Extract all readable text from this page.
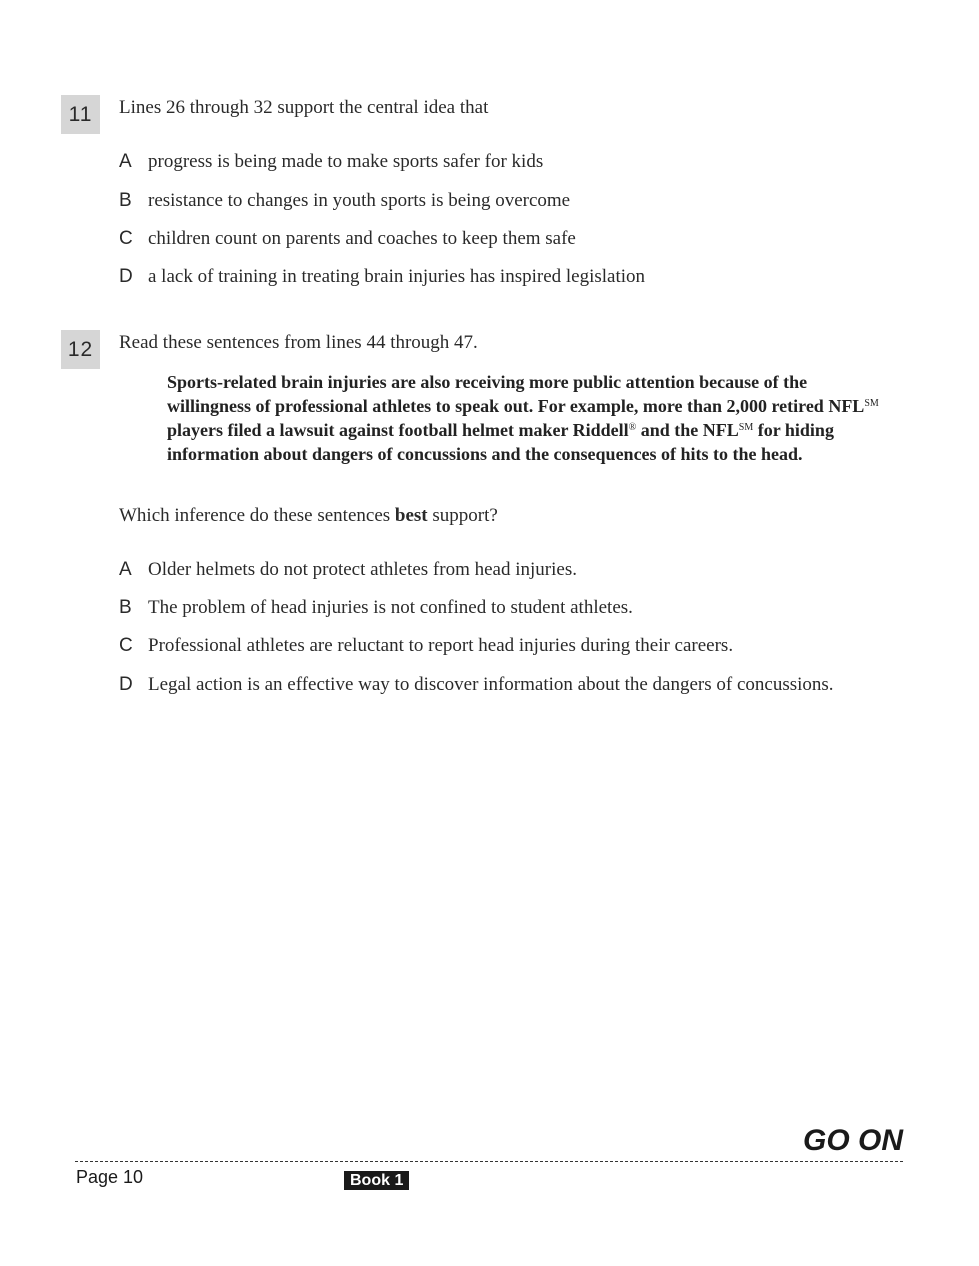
11	Lines 26 through 32 support the central idea that
A progress is being made to make sports safer for kids
B resistance to changes in youth sports is being overcome
C children count on parents and coaches to keep them safe
D a lack of training in treating brain injuries has inspired legislation
12	Read these sentences from lines 44 through 47.
Sports-related brain injuries are also receiving more public attention because of the willingness of professional athletes to speak out. For example, more than 2,000 retired NFL℠ players filed a lawsuit against football helmet maker Riddell® and the NFL℠ for hiding information about dangers of concussions and the consequences of hits to the head.
Which inference do these sentences best support?
A Older helmets do not protect athletes from head injuries.
B The problem of head injuries is not confined to student athletes.
C Professional athletes are reluctant to report head injuries during their careers.
D Legal action is an effective way to discover information about the dangers of concussions.
GO ON
Page 10	Book 1
